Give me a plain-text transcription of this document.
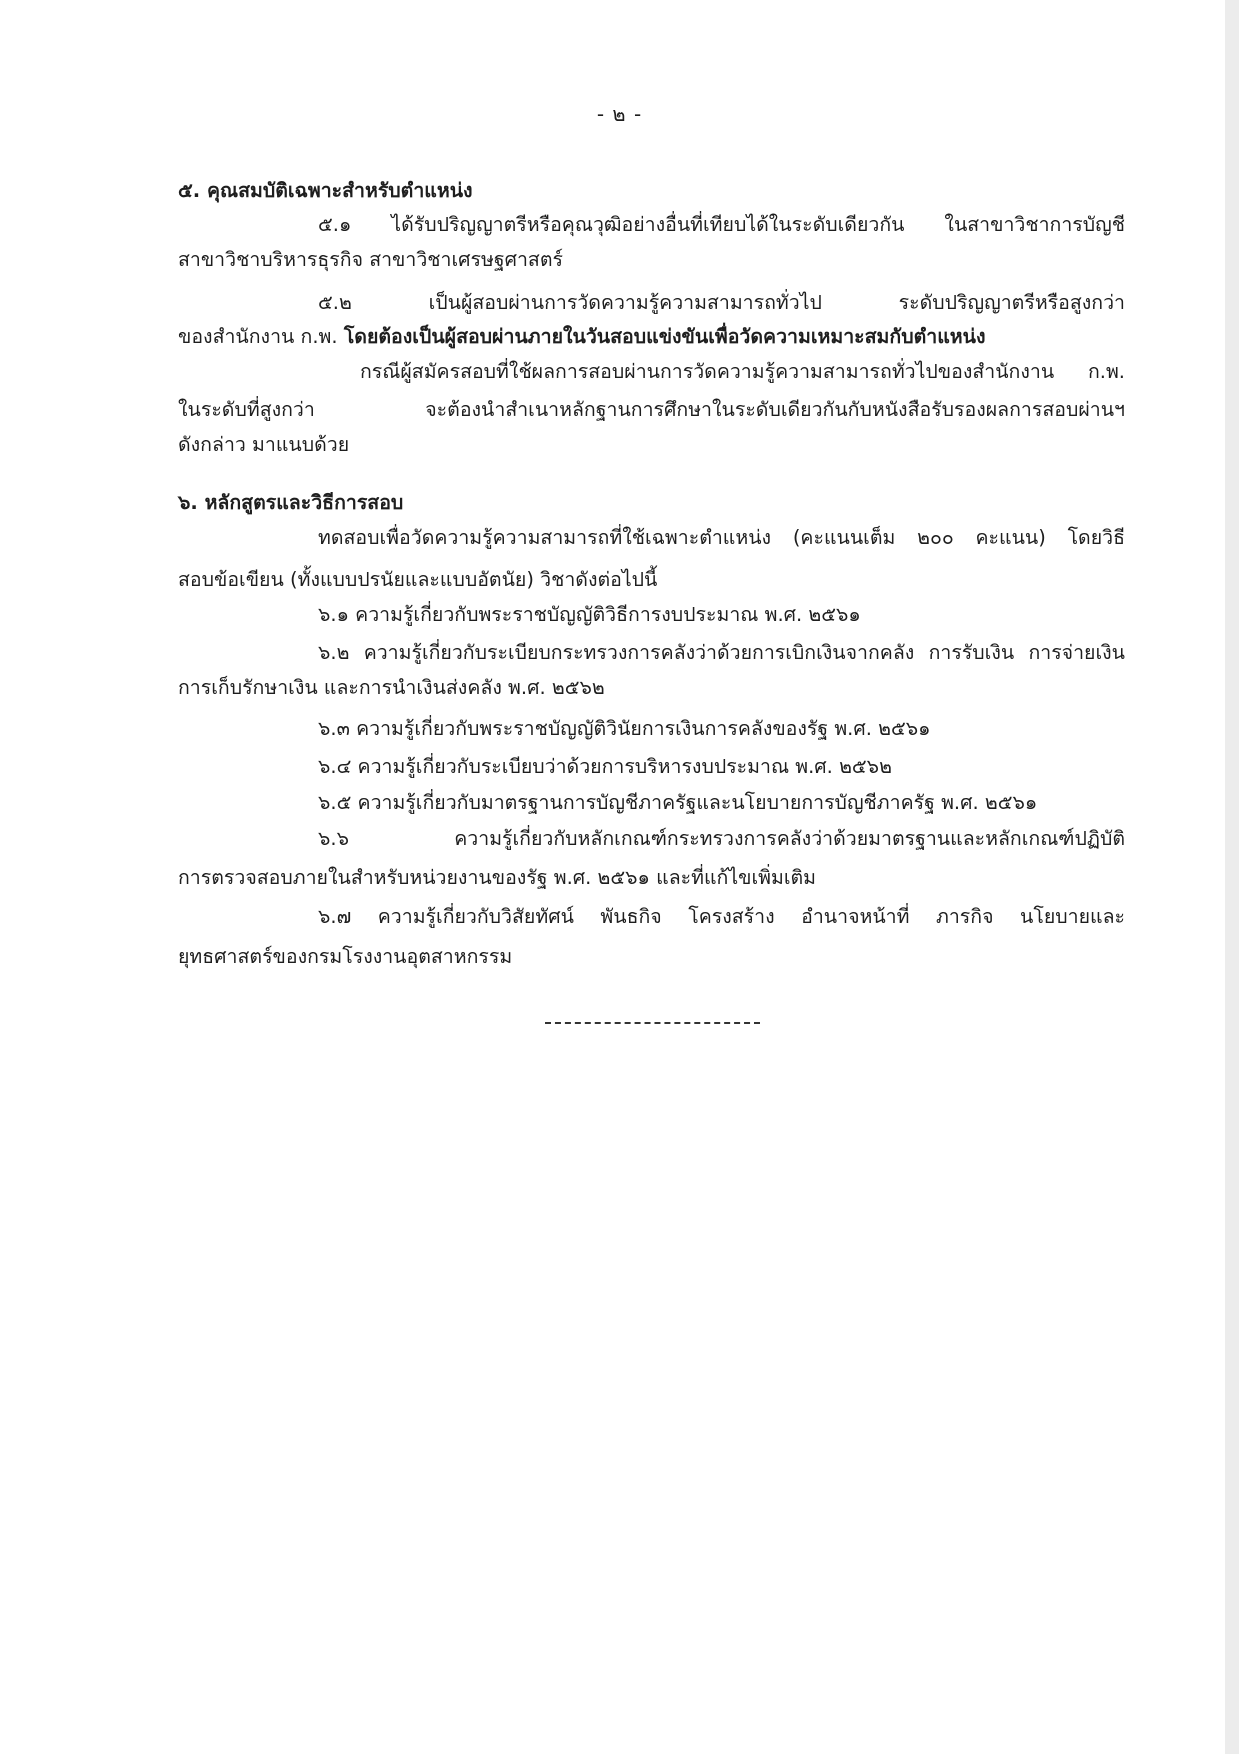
- ๒ -
๕. คุณสมบัติเฉพาะสำหรับตำแหน่ง
๕.๑ ได้รับปริญญาตรีหรือคุณวุฒิอย่างอื่นที่เทียบได้ในระดับเดียวกัน ในสาขาวิชาการบัญชี
สาขาวิชาบริหารธุรกิจ สาขาวิชาเศรษฐศาสตร์
๕.๒ เป็นผู้สอบผ่านการวัดความรู้ความสามารถทั่วไป ระดับปริญญาตรีหรือสูงกว่า
ของสำนักงาน ก.พ. โดยต้องเป็นผู้สอบผ่านภายในวันสอบแข่งขันเพื่อวัดความเหมาะสมกับตำแหน่ง
กรณีผู้สมัครสอบที่ใช้ผลการสอบผ่านการวัดความรู้ความสามารถทั่วไปของสำนักงาน ก.พ.
ในระดับที่สูงกว่า จะต้องนำสำเนาหลักฐานการศึกษาในระดับเดียวกันกับหนังสือรับรองผลการสอบผ่านฯ
ดังกล่าว มาแนบด้วย
๖. หลักสูตรและวิธีการสอบ
ทดสอบเพื่อวัดความรู้ความสามารถที่ใช้เฉพาะตำแหน่ง (คะแนนเต็ม ๒๐๐ คะแนน) โดยวิธี
สอบข้อเขียน (ทั้งแบบปรนัยและแบบอัตนัย) วิชาดังต่อไปนี้
๖.๑ ความรู้เกี่ยวกับพระราชบัญญัติวิธีการงบประมาณ พ.ศ. ๒๕๖๑
๖.๒ ความรู้เกี่ยวกับระเบียบกระทรวงการคลังว่าด้วยการเบิกเงินจากคลัง การรับเงิน การจ่ายเงิน
การเก็บรักษาเงิน และการนำเงินส่งคลัง พ.ศ. ๒๕๖๒
๖.๓ ความรู้เกี่ยวกับพระราชบัญญัติวินัยการเงินการคลังของรัฐ พ.ศ. ๒๕๖๑
๖.๔ ความรู้เกี่ยวกับระเบียบว่าด้วยการบริหารงบประมาณ พ.ศ. ๒๕๖๒
๖.๕ ความรู้เกี่ยวกับมาตรฐานการบัญชีภาครัฐและนโยบายการบัญชีภาครัฐ พ.ศ. ๒๕๖๑
๖.๖ ความรู้เกี่ยวกับหลักเกณฑ์กระทรวงการคลังว่าด้วยมาตรฐานและหลักเกณฑ์ปฏิบัติ
การตรวจสอบภายในสำหรับหน่วยงานของรัฐ พ.ศ. ๒๕๖๑ และที่แก้ไขเพิ่มเติม
๖.๗ ความรู้เกี่ยวกับวิสัยทัศน์ พันธกิจ โครงสร้าง อำนาจหน้าที่ ภารกิจ นโยบายและ
ยุทธศาสตร์ของกรมโรงงานอุตสาหกรรม
